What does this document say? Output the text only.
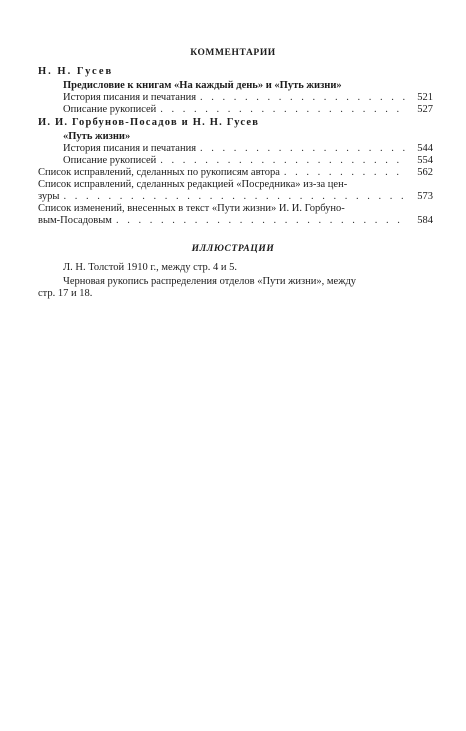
КОММЕНТАРИИ
Н. Н. Гусев
Предисловие к книгам «На каждый день» и «Путь жизни»
История писания и печатания . . .	521
Описание рукописей . . .	527
И. И. Горбунов-Посадов и Н. Н. Гусев
«Путь жизни»
История писания и печатания . . .	544
Описание рукописей . . .	554
Список исправлений, сделанных по рукописям автора . . .	562
Список исправлений, сделанных редакцией «Посредника» из-за цен-
зуры . . .	573
Список изменений, внесенных в текст «Пути жизни» И. И. Горбуно-
вым-Посадовым . . .	584
ИЛЛЮСТРАЦИИ
Л. Н. Толстой 1910 г., между стр. 4 и 5.
Черновая рукопись распределения отделов «Пути жизни», между
стр. 17 и 18.
